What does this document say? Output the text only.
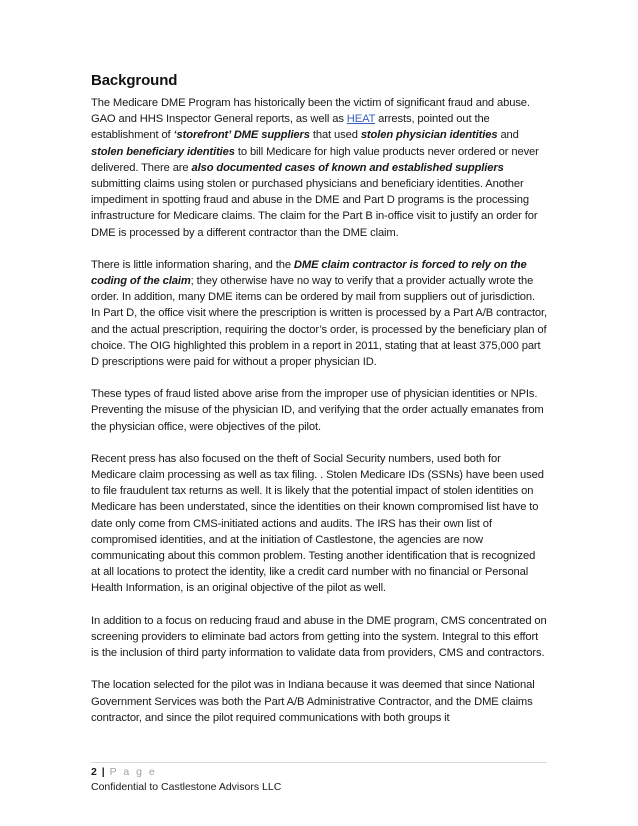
Background

The Medicare DME Program has historically been the victim of significant fraud and abuse. GAO and HHS Inspector General reports, as well as HEAT arrests, pointed out the establishment of ‘storefront’ DME suppliers that used stolen physician identities and stolen beneficiary identities to bill Medicare for high value products never ordered or never delivered. There are also documented cases of known and established suppliers submitting claims using stolen or purchased physicians and beneficiary identities. Another impediment in spotting fraud and abuse in the DME and Part D programs is the processing infrastructure for Medicare claims. The claim for the Part B in-office visit to justify an order for DME is processed by a different contractor than the DME claim.

There is little information sharing, and the DME claim contractor is forced to rely on the coding of the claim; they otherwise have no way to verify that a provider actually wrote the order. In addition, many DME items can be ordered by mail from suppliers out of jurisdiction. In Part D, the office visit where the prescription is written is processed by a Part A/B contractor, and the actual prescription, requiring the doctor’s order, is processed by the beneficiary plan of choice. The OIG highlighted this problem in a report in 2011, stating that at least 375,000 part D prescriptions were paid for without a proper physician ID.

These types of fraud listed above arise from the improper use of physician identities or NPIs. Preventing the misuse of the physician ID, and verifying that the order actually emanates from the physician office, were objectives of the pilot.

Recent press has also focused on the theft of Social Security numbers, used both for Medicare claim processing as well as tax filing. . Stolen Medicare IDs (SSNs) have been used to file fraudulent tax returns as well. It is likely that the potential impact of stolen identities on Medicare has been understated, since the identities on their known compromised list have to date only come from CMS-initiated actions and audits. The IRS has their own list of compromised identities, and at the initiation of Castlestone, the agencies are now communicating about this common problem. Testing another identification that is recognized at all locations to protect the identity, like a credit card number with no financial or Personal Health Information, is an original objective of the pilot as well.

In addition to a focus on reducing fraud and abuse in the DME program, CMS concentrated on screening providers to eliminate bad actors from getting into the system. Integral to this effort is the inclusion of third party information to validate data from providers, CMS and contractors.

The location selected for the pilot was in Indiana because it was deemed that since National Government Services was both the Part A/B Administrative Contractor, and the DME claims contractor, and since the pilot required communications with both groups it

2 | P a g e
Confidential to Castlestone Advisors LLC
